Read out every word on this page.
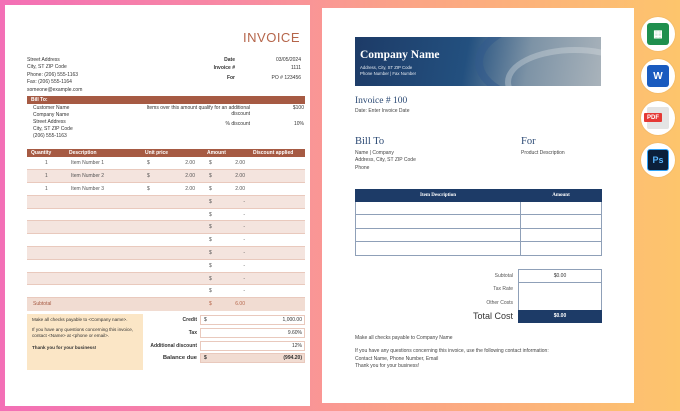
INVOICE
Street Address
City, ST ZIP Code
Phone: (206) 555-1163
Fax: (206) 555-1164
someone@example.com
Date	03/05/2024
Invoice #	1111
For	PO # 123456
Bill To:
Customer Name
Company Name
Street Address
City, ST ZIP Code
(206) 555-1163
Items over this amount qualify for an additional discount
$100
% discount	10%
Quantity	Description	Unit price	Amount	Discount applied
1	Item Number 1	$ 2.00	$ 2.00	

1	Item Number 2	$ 2.00	$ 2.00	

1	Item Number 3	$ 2.00	$ 2.00	

			$ -	

			$ -	

			$ -	

			$ -	

			$ -	

			$ -	

			$ -	

			$ -	

Subtotal			$ 6.00	

Make all checks payable to <Company name>.

If you have any questions concerning this invoice, contact <Name> at <phone or email>.

Thank you for your business!

Credit	$	1,000.00
Tax	9.60%
Additional discount	12%
Balance due	$	(994.20)
Company Name
Address, City, ST ZIP Code
Phone Number | Fax Number
Invoice # 100
Date: Enter Invoice Date
Bill To
Name | Company
Address, City, ST ZIP Code
Phone
For
Product Description
Item Description	Amount

Subtotal	$0.00
Tax Rate
Other Costs
Total Cost	$0.00

Make all checks payable to Company Name

If you have any questions concerning this invoice, use the following contact information:

Contact Name, Phone Number, Email

Thank you for your business!

▦
W
PDF
Ps
